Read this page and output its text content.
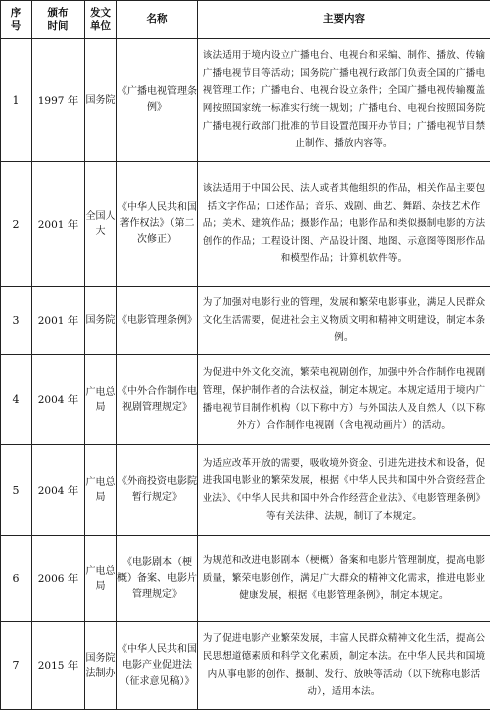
序号	颁布时间	发文单位	名称	主要内容

1	1997 年	国务院	《广播电视管理条例》	该法适用于境内设立广播电台、电视台和采编、制作、播放、传输广播电视节目等活动；国务院广播电视行政部门负责全国的广播电视管理工作；广播电台、电视台设立条件；全国广播电视传输覆盖网按照国家统一标准实行统一规划；广播电台、电视台按照国务院广播电视行政部门批准的节目设置范围开办节目；广播电视节目禁止制作、播放内容等。
2	2001 年	全国人大	《中华人民共和国著作权法》（第二次修正）	该法适用于中国公民、法人或者其他组织的作品，相关作品主要包括文字作品；口述作品；音乐、戏剧、曲艺、舞蹈、杂技艺术作品；美术、建筑作品；摄影作品；电影作品和类似摄制电影的方法创作的作品；工程设计图、产品设计图、地图、示意图等图形作品和模型作品；计算机软件等。
3	2001 年	国务院	《电影管理条例》	为了加强对电影行业的管理，发展和繁荣电影事业，满足人民群众文化生活需要，促进社会主义物质文明和精神文明建设，制定本条例。
4	2004 年	广电总局	《中外合作制作电视剧管理规定》	为促进中外文化交流，繁荣电视剧创作，加强中外合作制作电视剧管理，保护制作者的合法权益，制定本规定。本规定适用于境内广播电视节目制作机构（以下称中方）与外国法人及自然人（以下称外方）合作制作电视剧（含电视动画片）的活动。
5	2004 年	广电总局	《外商投资电影院暂行规定》	为适应改革开放的需要，吸收境外资金、引进先进技术和设备，促进我国电影业的繁荣发展，根据《中华人民共和国中外合资经营企业法》、《中华人民共和国中外合作经营企业法》、《电影管理条例》等有关法律、法规，制订了本规定。
6	2006 年	广电总局	《电影剧本（梗概）备案、电影片管理规定》	为规范和改进电影剧本（梗概）备案和电影片管理制度，提高电影质量，繁荣电影创作，满足广大群众的精神文化需求，推进电影业健康发展，根据《电影管理条例》，制定本规定。
7	2015 年	国务院法制办	《中华人民共和国电影产业促进法（征求意见稿）》	为了促进电影产业繁荣发展，丰富人民群众精神文化生活，提高公民思想道德素质和科学文化素质，制定本法。在中华人民共和国境内从事电影的创作、摄制、发行、放映等活动（以下统称电影活动），适用本法。
